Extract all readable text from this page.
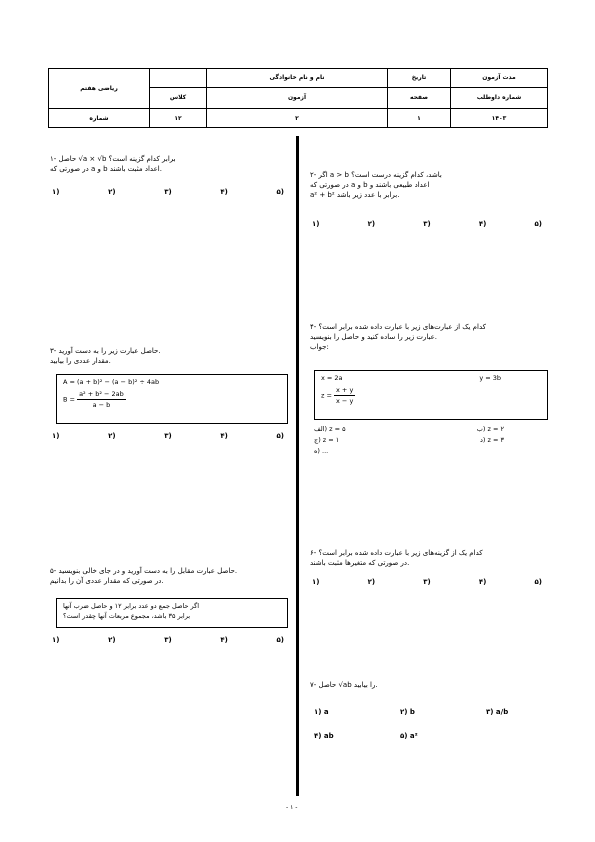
ریاضی هفتم		نام و نام خانوادگی	تاریخ	مدت آزمون
	کلاس	آزمون	صفحه	شماره داوطلب
شماره	۱۲	۲	۱	۱۴۰۳
۱- حاصل √a × √b برابر کدام گزینه است؟
در صورتی که a و b اعداد مثبت باشند.
۱)	۲)	۳)	۴)	۵)
۳- حاصل عبارت زیر را به دست آورید.
مقدار عددی را بیابید.
A = (a + b)² − (a − b)² ÷ 4ab
$B = \frac{\text{a² + b² − 2ab}}{a - b}$
۱)	۲)	۳)	۴)	۵)
۵- حاصل عبارت مقابل را به دست آورید و در جای خالی بنویسید.
در صورتی که مقدار عددی آن را بدانیم.
اگر حاصل جمع دو عدد برابر ۱۲ و حاصل ضرب آنها
برابر ۳۵ باشد، مجموع مربعات آنها چقدر است؟
۱)	۲)	۳)	۴)	۵)
۲- اگر a > b باشد، کدام گزینه درست است؟
در صورتی که a و b اعداد طبیعی باشند و
a² + b² برابر با عدد زیر باشد.
۱)	۲)	۳)	۴)	۵)
۴- کدام یک از عبارت‌های زیر با عبارت داده شده برابر است؟
عبارت زیر را ساده کنید و حاصل را بنویسید.
جواب:
x = 2a	y = 3b
$z = \frac{x + y}{x - y}$
الف) z = ۵	ب) z = ۲
ج) z = ۱	د) z = ۳
ه) ...
۶- کدام یک از گزینه‌های زیر با عبارت داده شده برابر است؟
در صورتی که متغیرها مثبت باشند.
۱)	۲)	۳)	۴)	۵)
۷- حاصل √ab را بیابید.
۱) a	۲) b	۳) a/b
۴) ab	۵) a²
- ۱ -
